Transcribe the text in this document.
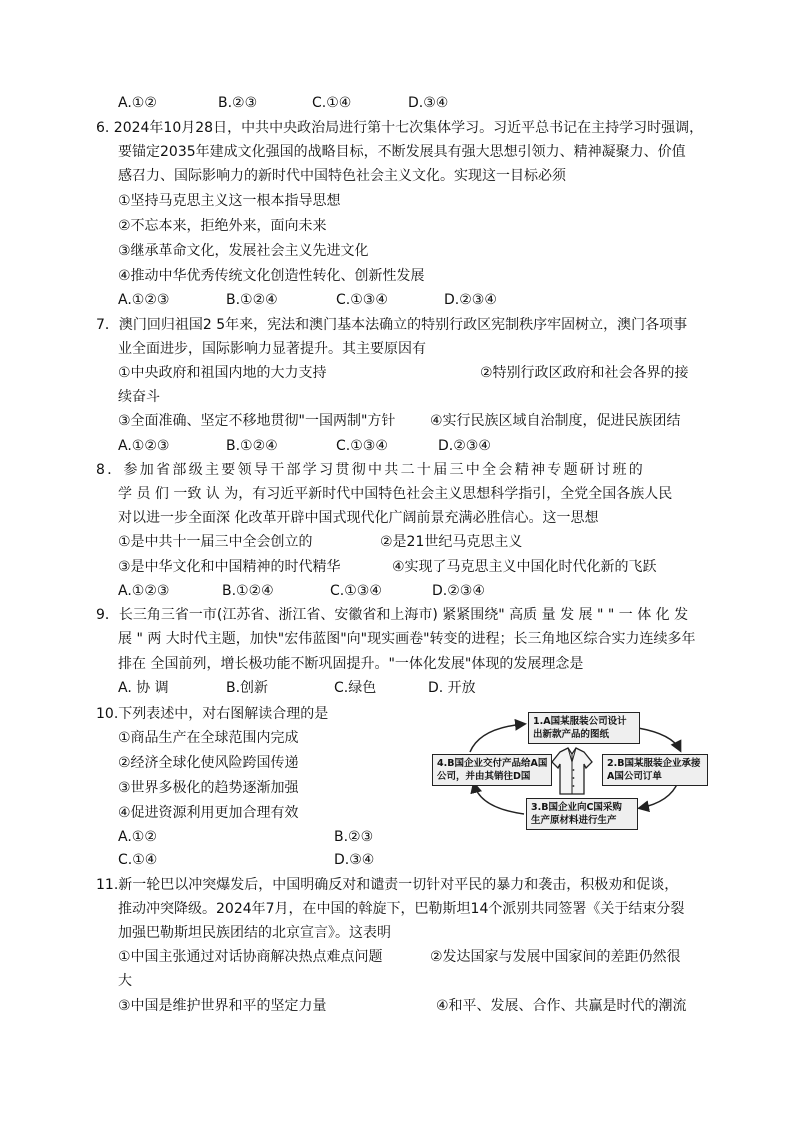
A.①②	B.②③	C.①④	D.③④
6. 2024年10月28日，中共中央政治局进行第十七次集体学习。习近平总书记在主持学习时强调，
要锚定2035年建成文化强国的战略目标，不断发展具有强大思想引领力、精神凝聚力、价值
感召力、国际影响力的新时代中国特色社会主义文化。实现这一目标必须
①坚持马克思主义这一根本指导思想
②不忘本来，拒绝外来，面向未来
③继承革命文化，发展社会主义先进文化
④推动中华优秀传统文化创造性转化、创新性发展
A.①②③	B.①②④	C.①③④	D.②③④
7．澳门回归祖国2 5年来，宪法和澳门基本法确立的特别行政区宪制秩序牢固树立，澳门各项事
业全面进步，国际影响力显著提升。其主要原因有
①中央政府和祖国内地的大力支持	②特别行政区政府和社会各界的接
续奋斗
③全面准确、坚定不移地贯彻"一国两制"方针 ④实行民族区域自治制度，促进民族团结
A.①②③	B.①②④	C.①③④	D.②③④
8．参加省部级主要领导干部学习贯彻中共二十届三中全会精神专题研讨班的
学 员 们 一致 认 为，有习近平新时代中国特色社会主义思想科学指引，全党全国各族人民
对以进一步全面深 化改革开辟中国式现代化广阔前景充满必胜信心。这一思想
①是中共十一届三中全会创立的	②是21世纪马克思主义
③是中华文化和中国精神的时代精华	④实现了马克思主义中国化时代化新的飞跃
A.①②③	B.①②④	C.①③④	D.②③④
9．长三角三省一市(江苏省、浙江省、安徽省和上海市) 紧紧围绕" 高质 量 发 展 " " 一 体 化 发
展 " 两 大时代主题，加快"宏伟蓝图"向"现实画卷"转变的进程；长三角地区综合实力连续多年
排在 全国前列，增长极功能不断巩固提升。"一体化发展"体现的发展理念是
A. 协 调	B.创新	C.绿色	D. 开放
10.下列表述中，对右图解读合理的是
①商品生产在全球范围内完成
②经济全球化使风险跨国传递
③世界多极化的趋势逐渐加强
④促进资源利用更加合理有效
A.①②	B.②③
C.①④	D.③④
1.A国某服装公司设计
出新款产品的图纸
2.B国某服装企业承接
A国公司订单
3.B国企业向C国采购
生产原材料进行生产
4.B国企业交付产品给A国
公司，并由其销往D国
11.新一轮巴以冲突爆发后，中国明确反对和谴责一切针对平民的暴力和袭击，积极劝和促谈，
推动冲突降级。2024年7月，在中国的斡旋下，巴勒斯坦14个派别共同签署《关于结束分裂
加强巴勒斯坦民族团结的北京宣言》。这表明
①中国主张通过对话协商解决热点难点问题	②发达国家与发展中国家间的差距仍然很
大
③中国是维护世界和平的坚定力量	④和平、发展、合作、共赢是时代的潮流
